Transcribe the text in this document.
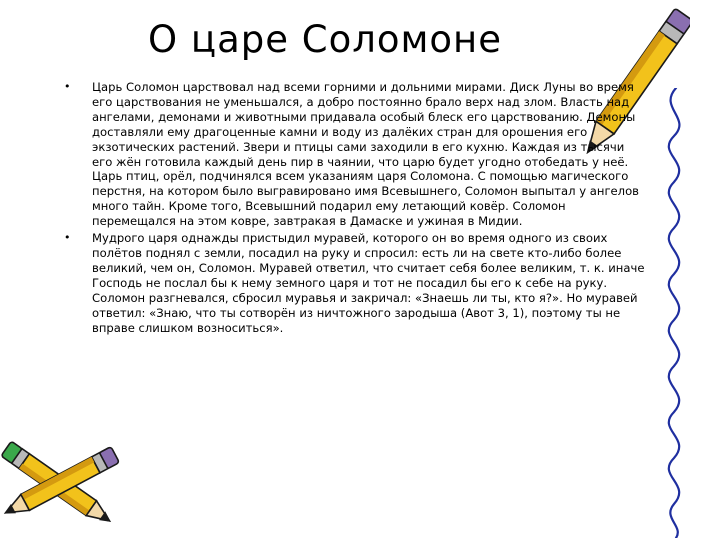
О царе Соломоне
• Царь Соломон царствовал над всеми горними и дольними мирами. Диск Луны во время его царствования не уменьшался, а добро постоянно брало верх над злом. Власть над ангелами, демонами и животными придавала особый блеск его царствованию. Демоны доставляли ему драгоценные камни и воду из далёких стран для орошения его экзотических растений. Звери и птицы сами заходили в его кухню. Каждая из тысячи его жён готовила каждый день пир в чаянии, что царю будет угодно отобедать у неё. Царь птиц, орёл, подчинялся всем указаниям царя Соломона. С помощью магического перстня, на котором было выгравировано имя Всевышнего, Соломон выпытал у ангелов много тайн. Кроме того, Всевышний подарил ему летающий ковёр. Соломон перемещался на этом ковре, завтракая в Дамаске и ужиная в Мидии.
• Мудрого царя однажды пристыдил муравей, которого он во время одного из своих полётов поднял с земли, посадил на руку и спросил: есть ли на свете кто-либо более великий, чем он, Соломон. Муравей ответил, что считает себя более великим, т. к. иначе Господь не послал бы к нему земного царя и тот не посадил бы его к себе на руку. Соломон разгневался, сбросил муравья и закричал: «Знаешь ли ты, кто я?». Но муравей ответил: «Знаю, что ты сотворён из ничтожного зародыша (Авот 3, 1), поэтому ты не вправе слишком возноситься».
